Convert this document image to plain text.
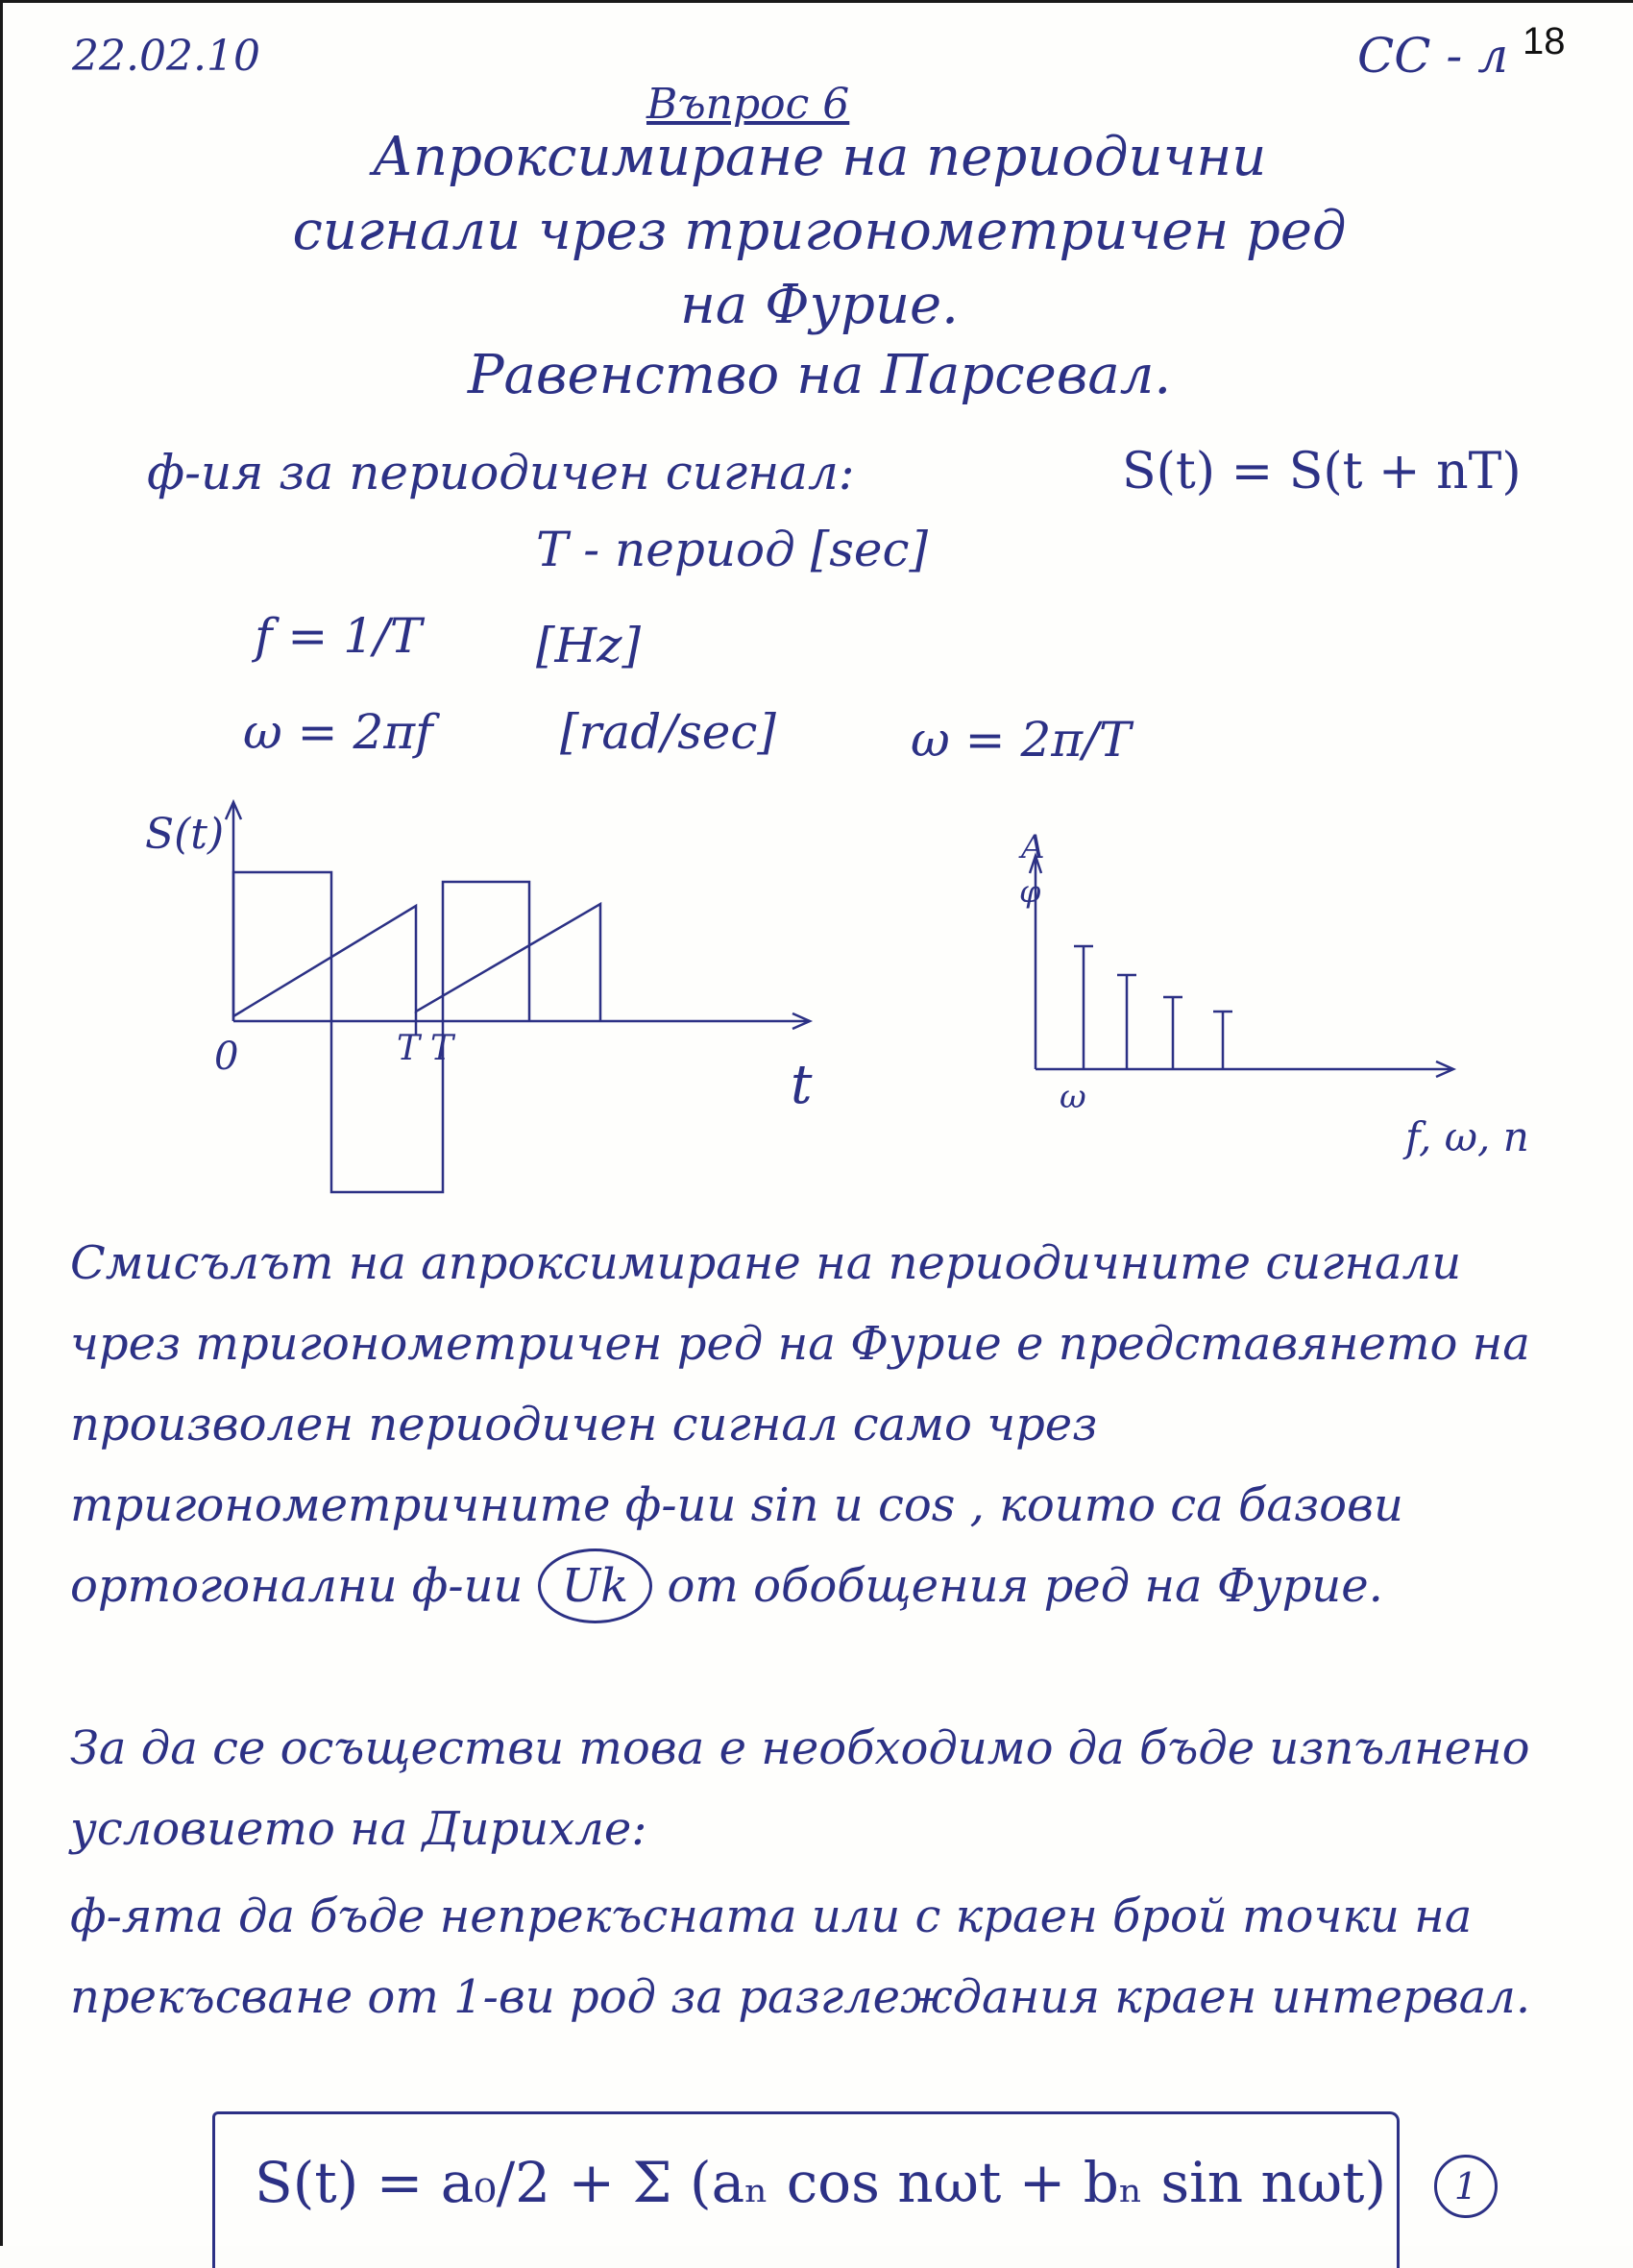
22.02.10	CC - л 18
Въпрос 6
Апроксимиране на периодични
сигнали чрез тригонометричен ред
на Фурие.
Равенство на Парсевал.
ф-ия за периодичен сигнал:	S(t) = S(t + nT)
T - период [sec]
f = 1/T [Hz]
ω = 2πf	[rad/sec]	ω = 2π/T
S(t)
t
0	T T
A
φ
ω
f, ω, n
Смисълът на апроксимиране на периодичните сигнали чрез тригонометричен ред на Фурие е представянето на произволен периодичен сигнал само чрез тригонометричните ф-ии sin и cos , които са базови ортогонални ф-ии Uk от обобщения ред на Фурие.
За да се осъществи това е необходимо да бъде изпълнено условието на Дирихле:
ф-ята да бъде непрекъсната или с краен брой точки на прекъсване от 1-ви род за разглеждания краен интервал.
S(t) = a₀/2 + Σ (aₙ cos nωt + bₙ sin nωt)	1
